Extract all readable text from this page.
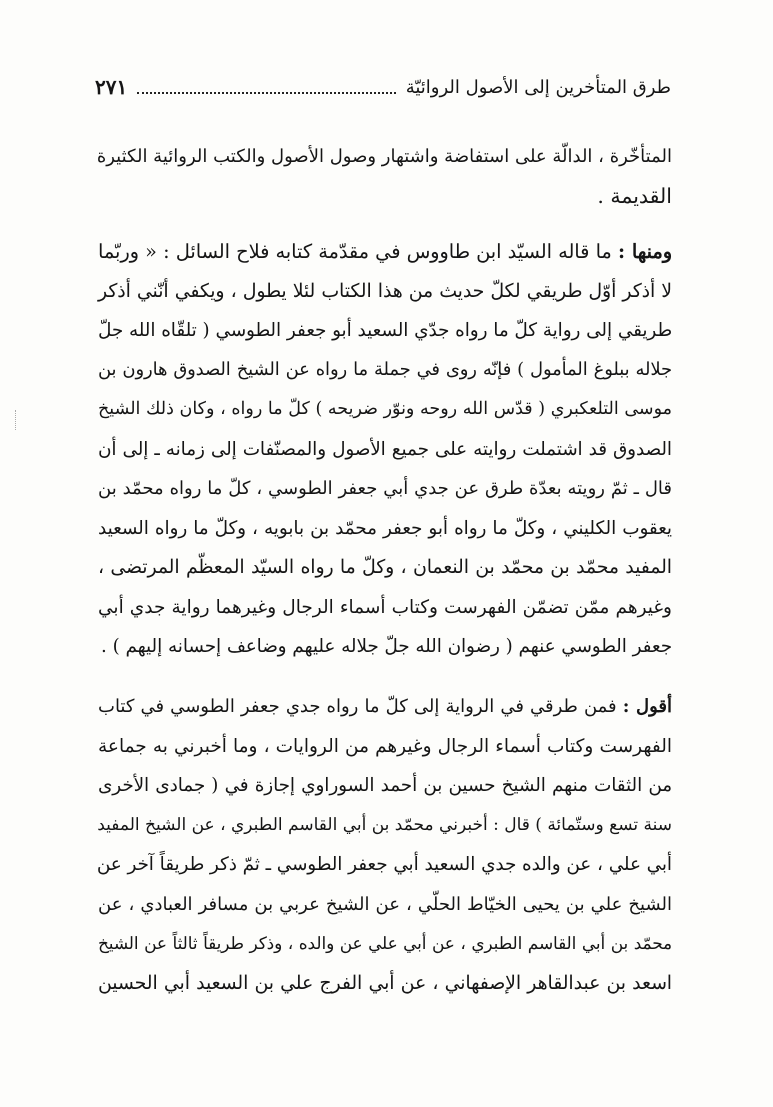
طرق المتأخرين إلى الأصول الروائيّة
٢٧١
المتأخّرة ، الدالّة على استفاضة واشتهار وصول الأصول والكتب الروائية الكثيرة
القديمة .
ومنها : ما قاله السيّد ابن طاووس في مقدّمة كتابه فلاح السائل : « وربّما
لا أذكر أوّل طريقي لكلّ حديث من هذا الكتاب لئلا يطول ، ويكفي أنّني أذكر
طريقي إلى رواية كلّ ما رواه جدّي السعيد أبو جعفر الطوسي ( تلقّاه الله جلّ
جلاله ببلوغ المأمول ) فإنّه روى في جملة ما رواه عن الشيخ الصدوق هارون بن
موسى التلعكبري ( قدّس الله روحه ونوّر ضريحه ) كلّ ما رواه ، وكان ذلك الشيخ
الصدوق قد اشتملت روايته على جميع الأصول والمصنّفات إلى زمانه ـ إلى أن
قال ـ ثمّ رويته بعدّة طرق عن جدي أبي جعفر الطوسي ، كلّ ما رواه محمّد بن
يعقوب الكليني ، وكلّ ما رواه أبو جعفر محمّد بن بابويه ، وكلّ ما رواه السعيد
المفيد محمّد بن محمّد بن النعمان ، وكلّ ما رواه السيّد المعظّم المرتضى ،
وغيرهم ممّن تضمّن الفهرست وكتاب أسماء الرجال وغيرهما رواية جدي أبي
جعفر الطوسي عنهم ( رضوان الله جلّ جلاله عليهم وضاعف إحسانه إليهم ) .
أقول : فمن طرقي في الرواية إلى كلّ ما رواه جدي جعفر الطوسي في كتاب
الفهرست وكتاب أسماء الرجال وغيرهم من الروايات ، وما أخبرني به جماعة
من الثقات منهم الشيخ حسين بن أحمد السوراوي إجازة في ( جمادى الأخرى
سنة تسع وستّمائة ) قال : أخبرني محمّد بن أبي القاسم الطبري ، عن الشيخ المفيد
أبي علي ، عن والده جدي السعيد أبي جعفر الطوسي ـ ثمّ ذكر طريقاً آخر عن
الشيخ علي بن يحيى الخيّاط الحلّي ، عن الشيخ عربي بن مسافر العبادي ، عن
محمّد بن أبي القاسم الطبري ، عن أبي علي عن والده ، وذكر طريقاً ثالثاً عن الشيخ
اسعد بن عبدالقاهر الإصفهاني ، عن أبي الفرج علي بن السعيد أبي الحسين
